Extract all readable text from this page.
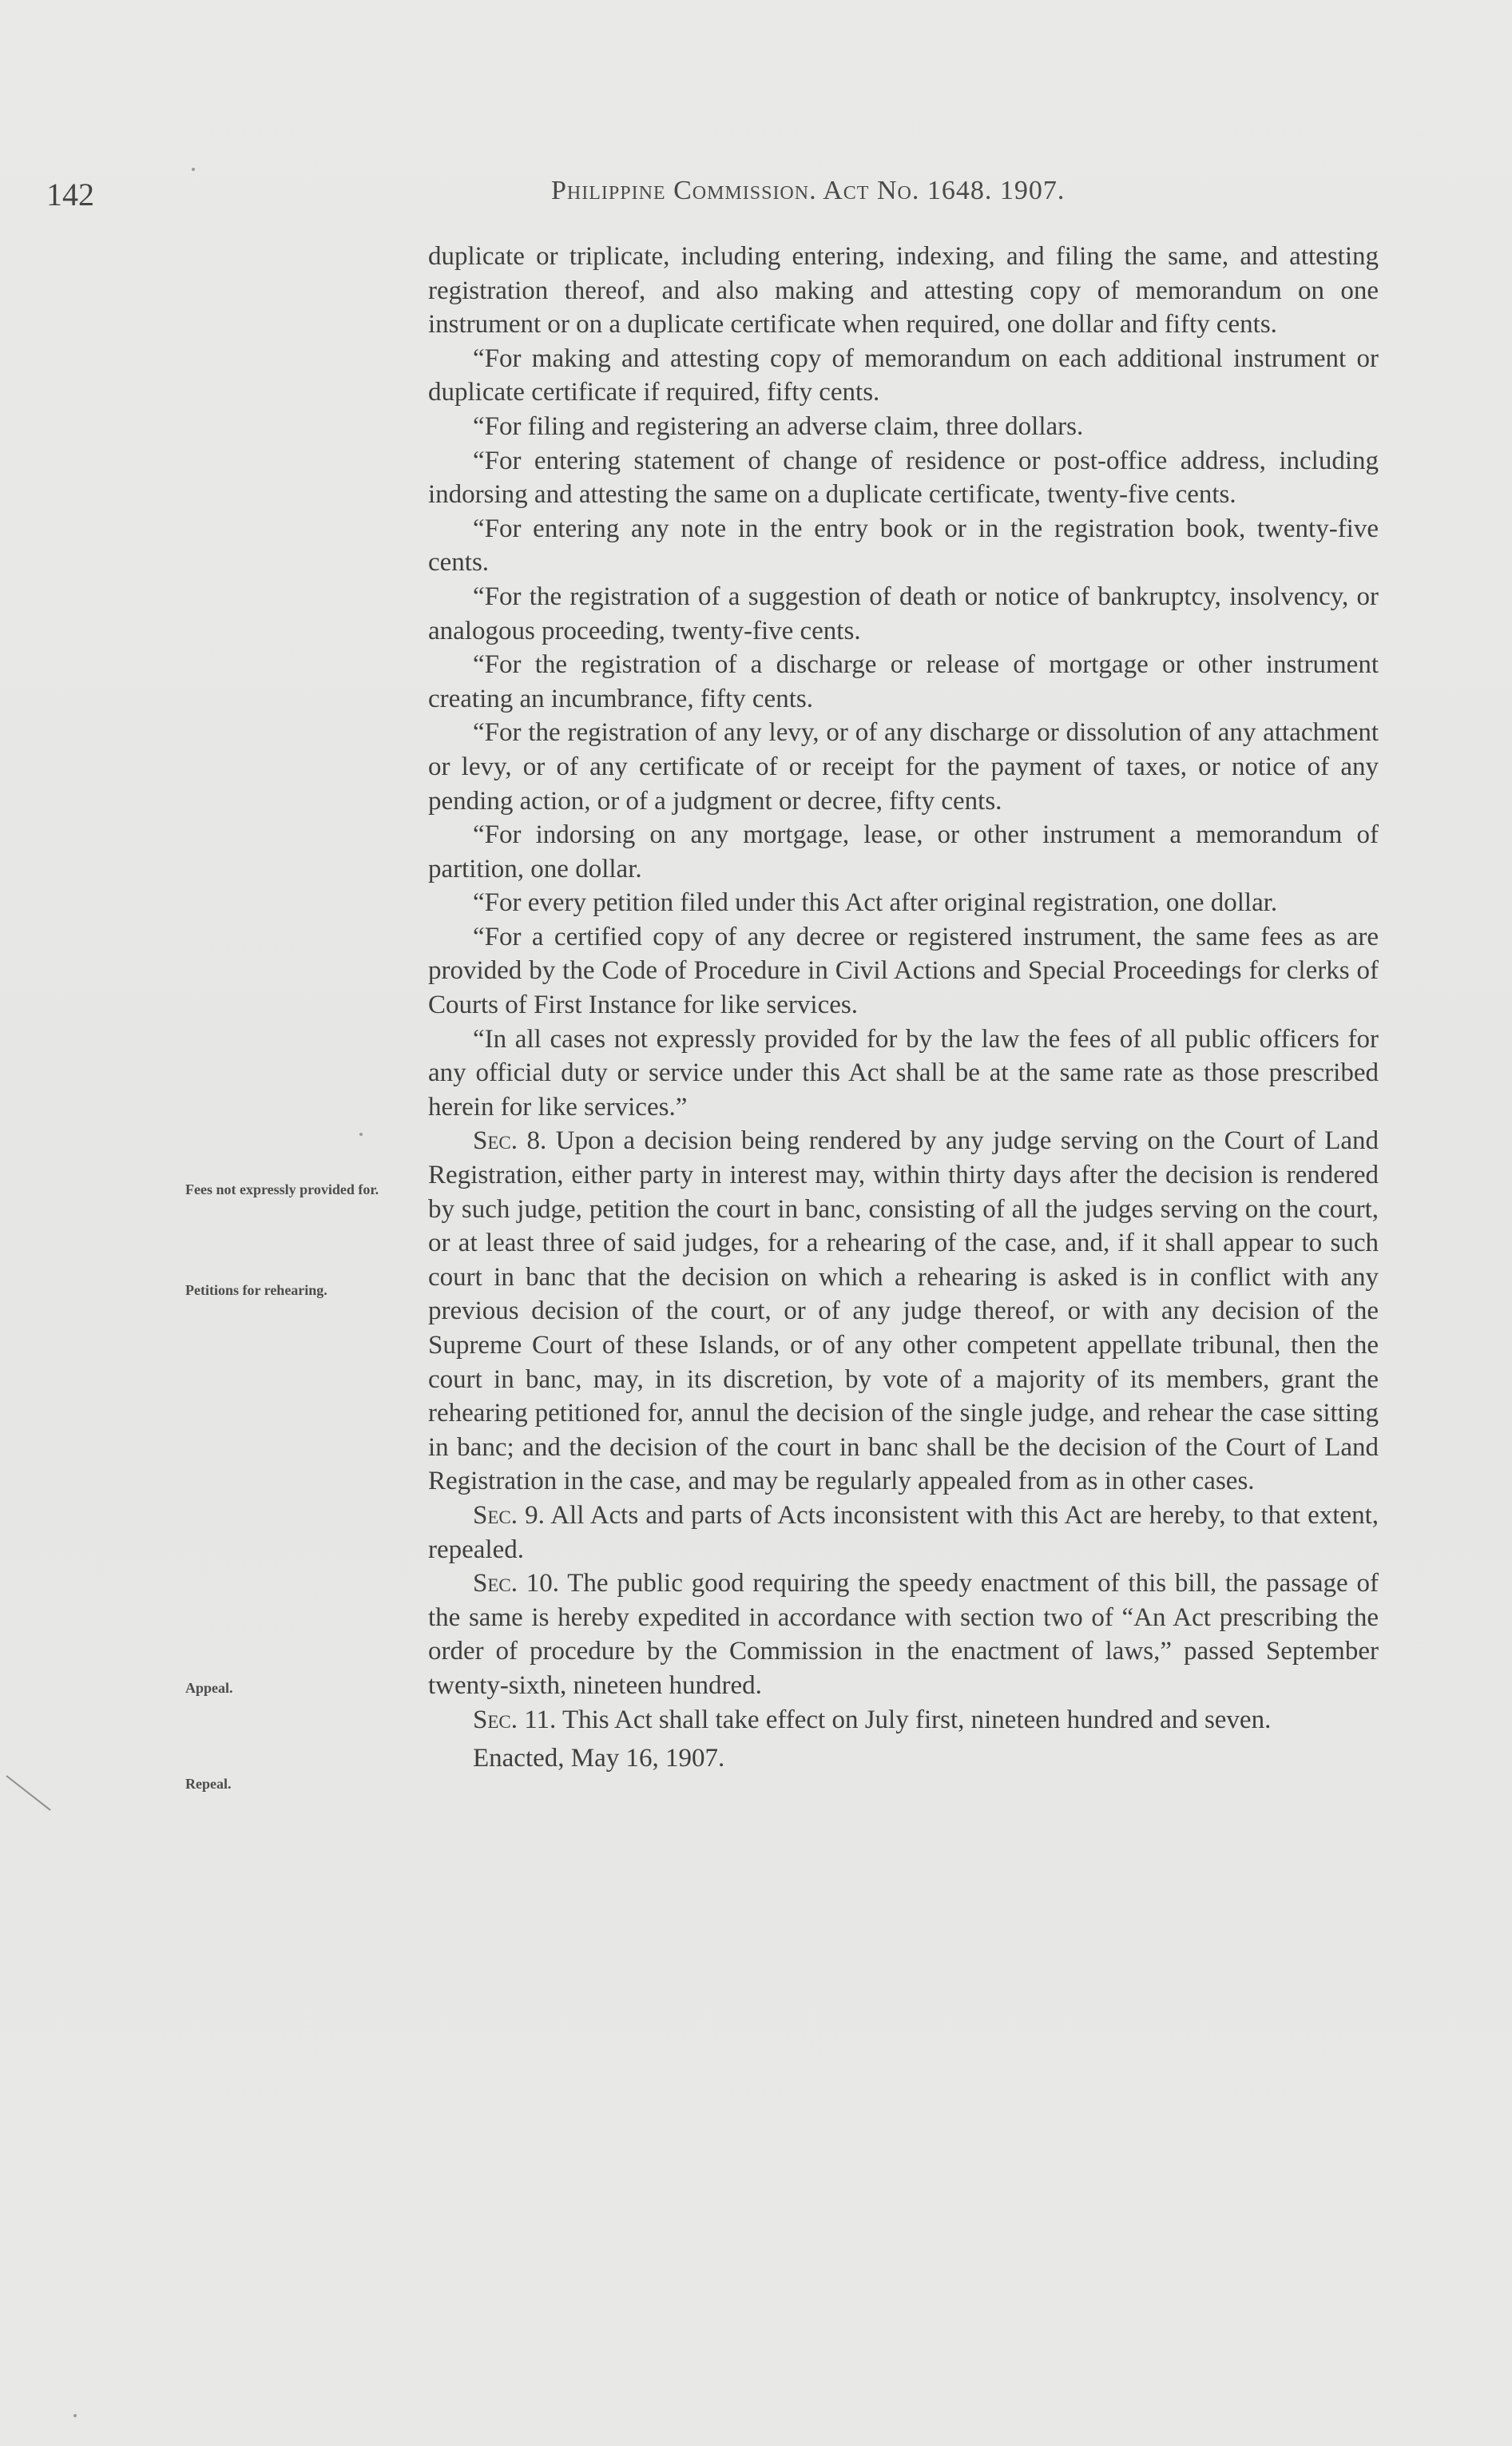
142	Philippine Commission. Act No. 1648. 1907.

duplicate or triplicate, including entering, indexing, and filing the same, and attesting registration thereof, and also making and attesting copy of memorandum on one instrument or on a duplicate certificate when required, one dollar and fifty cents.

“For making and attesting copy of memorandum on each additional instrument or duplicate certificate if required, fifty cents.

“For filing and registering an adverse claim, three dollars.

“For entering statement of change of residence or post-office address, including indorsing and attesting the same on a duplicate certificate, twenty-five cents.

“For entering any note in the entry book or in the registration book, twenty-five cents.

“For the registration of a suggestion of death or notice of bankruptcy, insolvency, or analogous proceeding, twenty-five cents.

“For the registration of a discharge or release of mortgage or other instrument creating an incumbrance, fifty cents.

“For the registration of any levy, or of any discharge or dissolution of any attachment or levy, or of any certificate of or receipt for the payment of taxes, or notice of any pending action, or of a judgment or decree, fifty cents.

“For indorsing on any mortgage, lease, or other instrument a memorandum of partition, one dollar.

“For every petition filed under this Act after original registration, one dollar.

“For a certified copy of any decree or registered instrument, the same fees as are provided by the Code of Procedure in Civil Actions and Special Proceedings for clerks of Courts of First Instance for like services.

“In all cases not expressly provided for by the law the fees of all public officers for any official duty or service under this Act shall be at the same rate as those prescribed herein for like services.”

Sec. 8. Upon a decision being rendered by any judge serving on the Court of Land Registration, either party in interest may, within thirty days after the decision is rendered by such judge, petition the court in banc, consisting of all the judges serving on the court, or at least three of said judges, for a rehearing of the case, and, if it shall appear to such court in banc that the decision on which a rehearing is asked is in conflict with any previous decision of the court, or of any judge thereof, or with any decision of the Supreme Court of these Islands, or of any other competent appellate tribunal, then the court in banc, may, in its discretion, by vote of a majority of its members, grant the rehearing petitioned for, annul the decision of the single judge, and rehear the case sitting in banc; and the decision of the court in banc shall be the decision of the Court of Land Registration in the case, and may be regularly appealed from as in other cases.

Sec. 9. All Acts and parts of Acts inconsistent with this Act are hereby, to that extent, repealed.

Sec. 10. The public good requiring the speedy enactment of this bill, the passage of the same is hereby expedited in accordance with section two of “An Act prescribing the order of procedure by the Commission in the enactment of laws,” passed September twenty-sixth, nineteen hundred.

Sec. 11. This Act shall take effect on July first, nineteen hundred and seven.

Enacted, May 16, 1907.

Fees not expressly provided for.
Petitions for rehearing.
Appeal.
Repeal.
